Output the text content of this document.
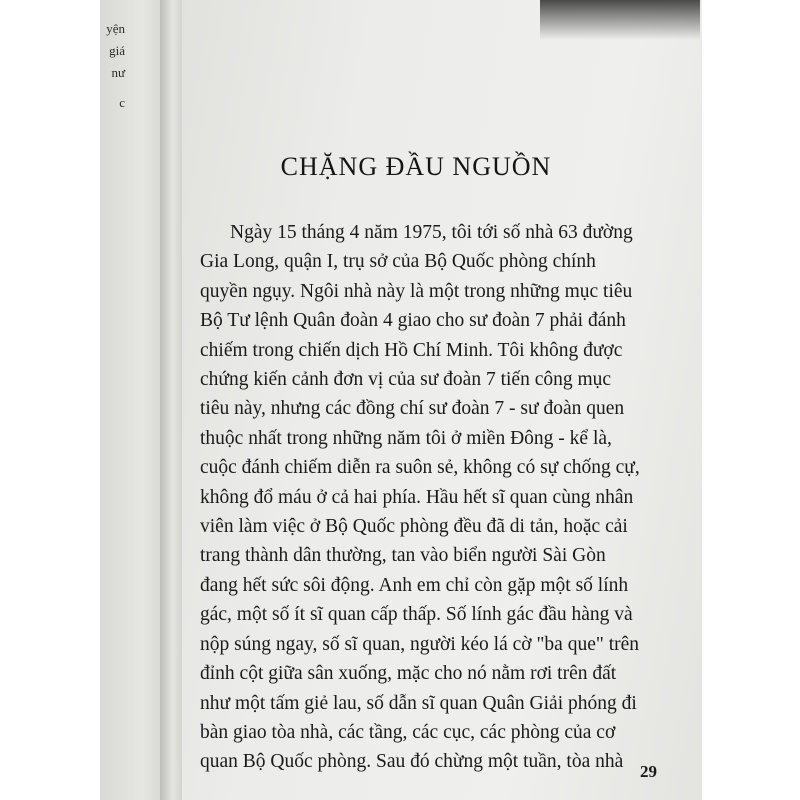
yện
giá
nư
c
CHẶNG ĐẦU NGUỒN
Ngày 15 tháng 4 năm 1975, tôi tới số nhà 63 đường
Gia Long, quận I, trụ sở của Bộ Quốc phòng chính
quyền ngụy. Ngôi nhà này là một trong những mục tiêu
Bộ Tư lệnh Quân đoàn 4 giao cho sư đoàn 7 phải đánh
chiếm trong chiến dịch Hồ Chí Minh. Tôi không được
chứng kiến cảnh đơn vị của sư đoàn 7 tiến công mục
tiêu này, nhưng các đồng chí sư đoàn 7 - sư đoàn quen
thuộc nhất trong những năm tôi ở miền Đông - kể là,
cuộc đánh chiếm diễn ra suôn sẻ, không có sự chống cự,
không đổ máu ở cả hai phía. Hầu hết sĩ quan cùng nhân
viên làm việc ở Bộ Quốc phòng đều đã di tản, hoặc cải
trang thành dân thường, tan vào biển người Sài Gòn
đang hết sức sôi động. Anh em chỉ còn gặp một số lính
gác, một số ít sĩ quan cấp thấp. Số lính gác đầu hàng và
nộp súng ngay, số sĩ quan, người kéo lá cờ "ba que" trên
đỉnh cột giữa sân xuống, mặc cho nó nằm rơi trên đất
như một tấm giẻ lau, số dẫn sĩ quan Quân Giải phóng đi
bàn giao tòa nhà, các tầng, các cục, các phòng của cơ
quan Bộ Quốc phòng. Sau đó chừng một tuần, tòa nhà 29
